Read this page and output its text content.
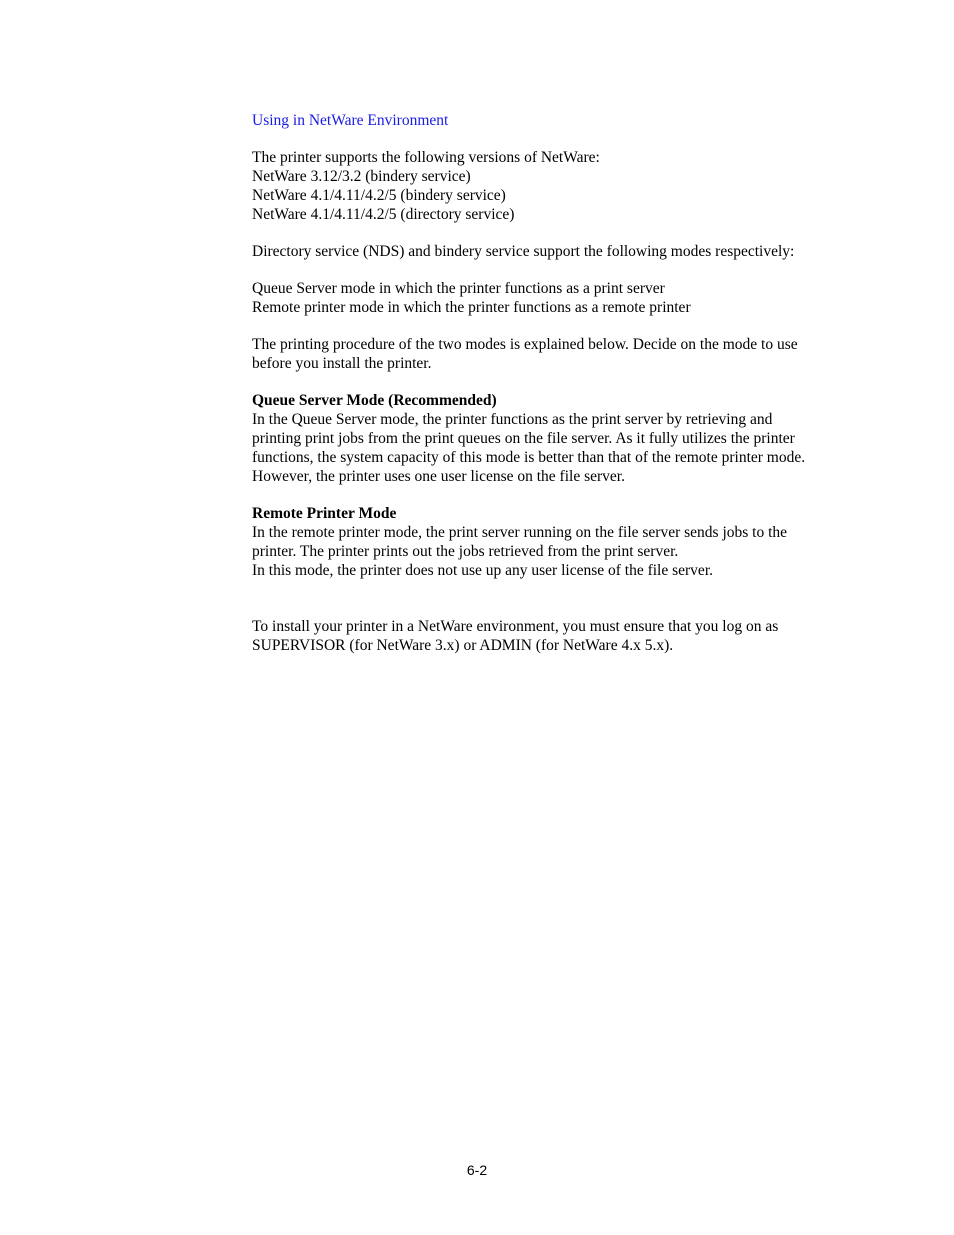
Using in NetWare Environment
The printer supports the following versions of NetWare:
NetWare 3.12/3.2 (bindery service)
NetWare 4.1/4.11/4.2/5 (bindery service)
NetWare 4.1/4.11/4.2/5 (directory service)

Directory service (NDS) and bindery service support the following modes respectively:

Queue Server mode in which the printer functions as a print server
Remote printer mode in which the printer functions as a remote printer

The printing procedure of the two modes is explained below. Decide on the mode to use before you install the printer.

Queue Server Mode (Recommended)
In the Queue Server mode, the printer functions as the print server by retrieving and printing print jobs from the print queues on the file server. As it fully utilizes the printer functions, the system capacity of this mode is better than that of the remote printer mode. However, the printer uses one user license on the file server.
Remote Printer Mode
In the remote printer mode, the print server running on the file server sends jobs to the printer. The printer prints out the jobs retrieved from the print server.
In this mode, the printer does not use up any user license of the file server.

To install your printer in a NetWare environment, you must ensure that you log on as SUPERVISOR (for NetWare 3.x) or ADMIN (for NetWare 4.x 5.x).

6-2
